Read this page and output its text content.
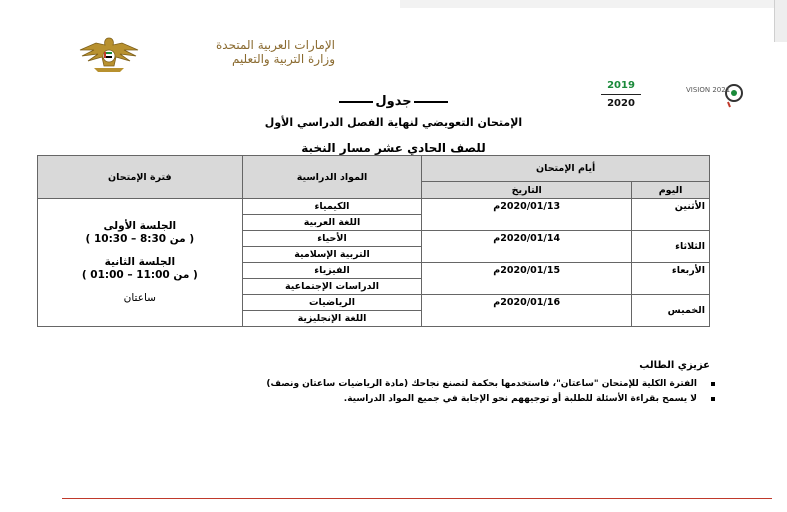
الإمارات العربية المتحدة
وزارة التربية والتعليم
2019
2020
VISION 2021
جدول
الإمتحان التعويضي لنهاية الفصل الدراسي الأول
للصف الحادي عشر مسار النخبة
فترة الإمتحان	المواد الدراسية	أيام الإمتحان	
		التاريخ	اليوم

الجلسة الأولى
( من 8:30 – 10:30 )
الجلسة الثانية
( من 11:00 – 01:00 )
ساعتان	الكيمياء	2020/01/13م	الأثنين
	اللغة العربية		
	الأحياء	2020/01/14م	الثلاثاء
	التربية الإسلامية		
	الفيزياء	2020/01/15م	الأربعاء
	الدراسات الإجتماعية		
	الرياضيات	2020/01/16م	الخميس
	اللغة الإنجليزية		
عزيزي الطالب
الفترة الكلية للإمتحان "ساعتان"، فاستخدمها بحكمة لتصنع نجاحك (مادة الرياضيات ساعتان ونصف)
لا يسمح بقراءة الأسئلة للطلبة أو توجيههم نحو الإجابة في جميع المواد الدراسية.
